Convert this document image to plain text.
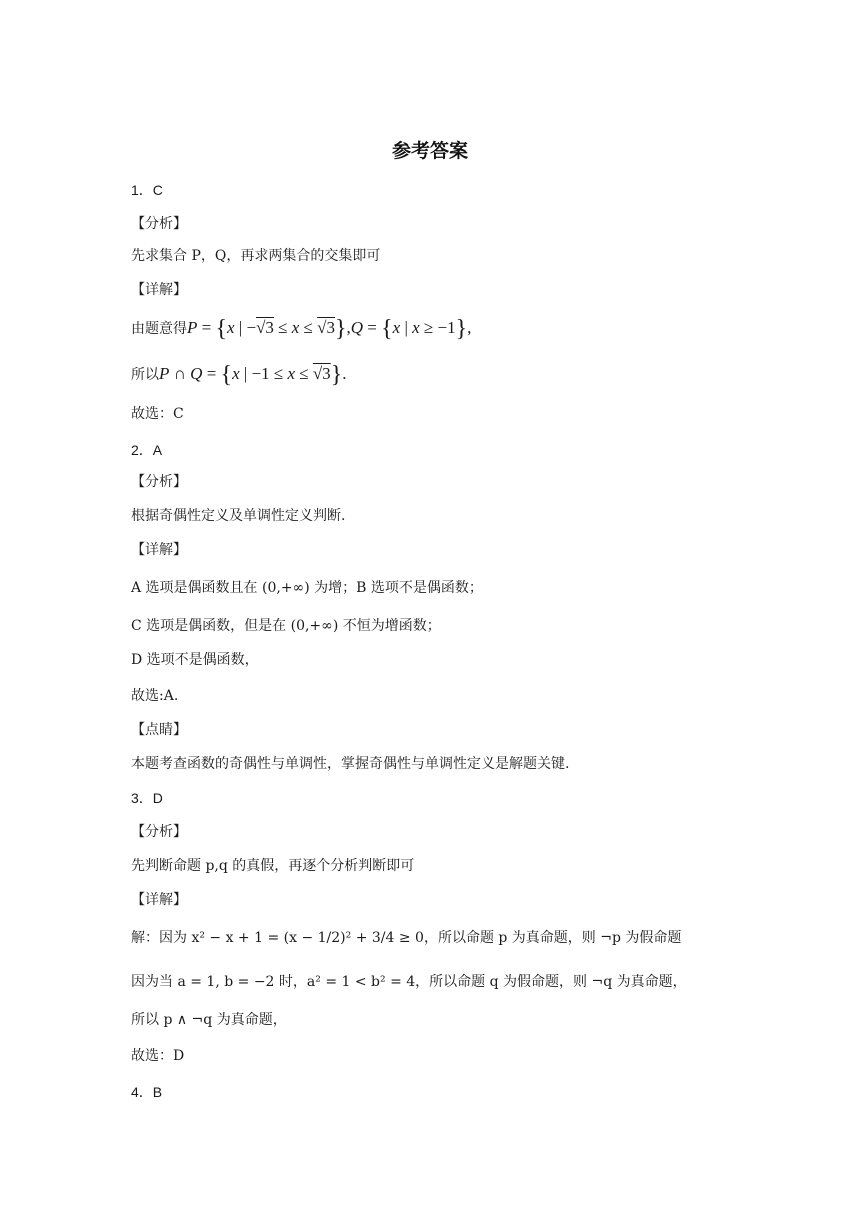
参考答案
1．C
【分析】
先求集合 P，Q，再求两集合的交集即可
【详解】
由题意得P = {x | −√3 ≤ x ≤ √3},Q = {x | x ≥ −1},
所以P ∩ Q = {x | −1 ≤ x ≤ √3}.
故选：C
2．A
【分析】
根据奇偶性定义及单调性定义判断.
【详解】
A 选项是偶函数且在 (0,+∞) 为增；B 选项不是偶函数；
C 选项是偶函数，但是在 (0,+∞) 不恒为增函数；
D 选项不是偶函数，
故选:A.
【点睛】
本题考查函数的奇偶性与单调性，掌握奇偶性与单调性定义是解题关键.
3．D
【分析】
先判断命题 p,q 的真假，再逐个分析判断即可
【详解】
解：因为 x² − x + 1 = (x − 1/2)² + 3/4 ≥ 0，所以命题 p 为真命题，则 ¬p 为假命题
因为当 a = 1, b = −2 时，a² = 1 < b² = 4，所以命题 q 为假命题，则 ¬q 为真命题，
所以 p ∧ ¬q 为真命题，
故选：D
4．B
